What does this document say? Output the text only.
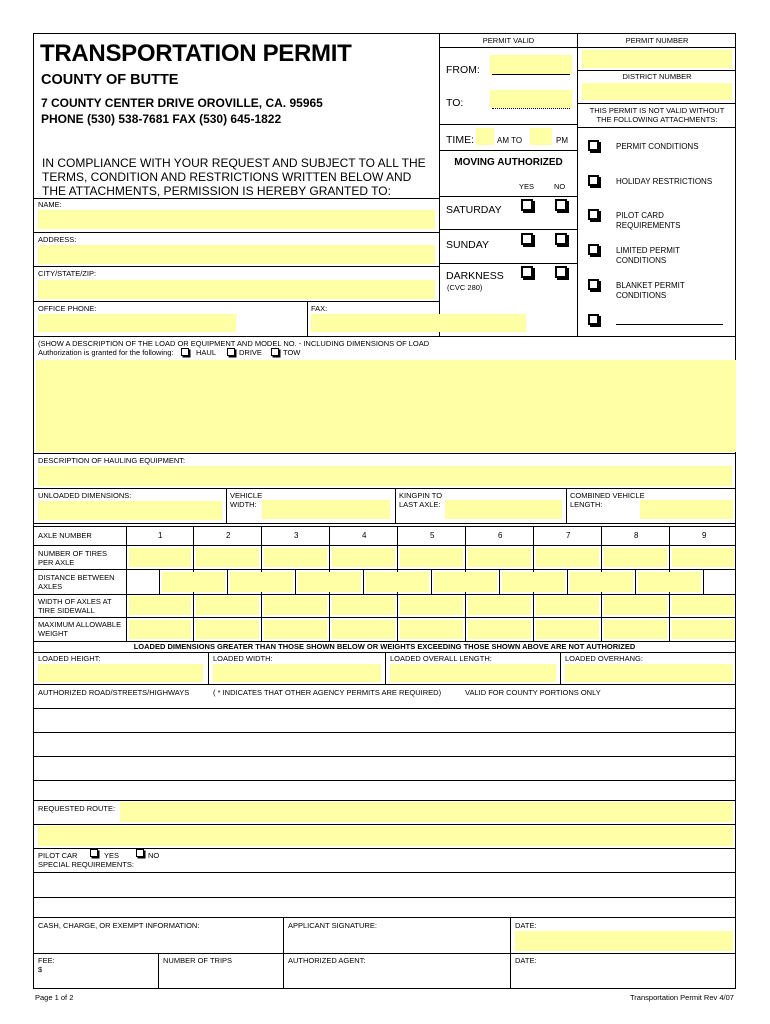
TRANSPORTATION PERMIT
COUNTY OF BUTTE
7 COUNTY CENTER DRIVE OROVILLE, CA. 95965
PHONE (530) 538-7681 FAX (530) 645-1822
IN COMPLIANCE WITH YOUR REQUEST AND SUBJECT TO ALL THE TERMS, CONDITION AND RESTRICTIONS WRITTEN BELOW AND THE ATTACHMENTS, PERMISSION IS HEREBY GRANTED TO:
PERMIT VALID
FROM:
TO:
TIME:	AM TO	PM
MOVING AUTHORIZED
YES	NO
SATURDAY
SUNDAY
DARKNESS
(CVC 280)
PERMIT NUMBER
DISTRICT NUMBER
THIS PERMIT IS NOT VALID WITHOUT THE FOLLOWING ATTACHMENTS:
PERMIT CONDITIONS
HOLIDAY RESTRICTIONS
PILOT CARD REQUIREMENTS
LIMITED PERMIT CONDITIONS
BLANKET PERMIT CONDITIONS
NAME:
ADDRESS:
CITY/STATE/ZIP:
OFFICE PHONE:	FAX:
(SHOW A DESCRIPTION OF THE LOAD OR EQUIPMENT AND MODEL NO. - INCLUDING DIMENSIONS OF LOAD
Authorization is granted for the following:	HAUL	DRIVE	TOW
DESCRIPTION OF HAULING EQUIPMENT:
UNLOADED DIMENSIONS:	VEHICLE WIDTH:
KINGPIN TO LAST AXLE:
COMBINED VEHICLE LENGTH:
AXLE NUMBER	1	2	3	4	5	6	7	8	9
NUMBER OF TIRES PER AXLE
DISTANCE BETWEEN AXLES
WIDTH OF AXLES AT TIRE SIDEWALL
MAXIMUM ALLOWABLE WEIGHT
LOADED DIMENSIONS GREATER THAN THOSE SHOWN BELOW OR WEIGHTS EXCEEDING THOSE SHOWN ABOVE ARE NOT AUTHORIZED
LOADED HEIGHT:	LOADED WIDTH:	LOADED OVERALL LENGTH:	LOADED OVERHANG:
AUTHORIZED ROAD/STREETS/HIGHWAYS	( * INDICATES THAT OTHER AGENCY PERMITS ARE REQUIRED)	VALID FOR COUNTY PORTIONS ONLY
REQUESTED ROUTE:
PILOT CAR	YES	NO
SPECIAL REQUIREMENTS:
CASH, CHARGE, OR EXEMPT INFORMATION:	APPLICANT SIGNATURE:	DATE:
FEE:
$
NUMBER OF TRIPS	AUTHORIZED AGENT:	DATE:
Page 1 of 2	Transportation Permit Rev 4/07
